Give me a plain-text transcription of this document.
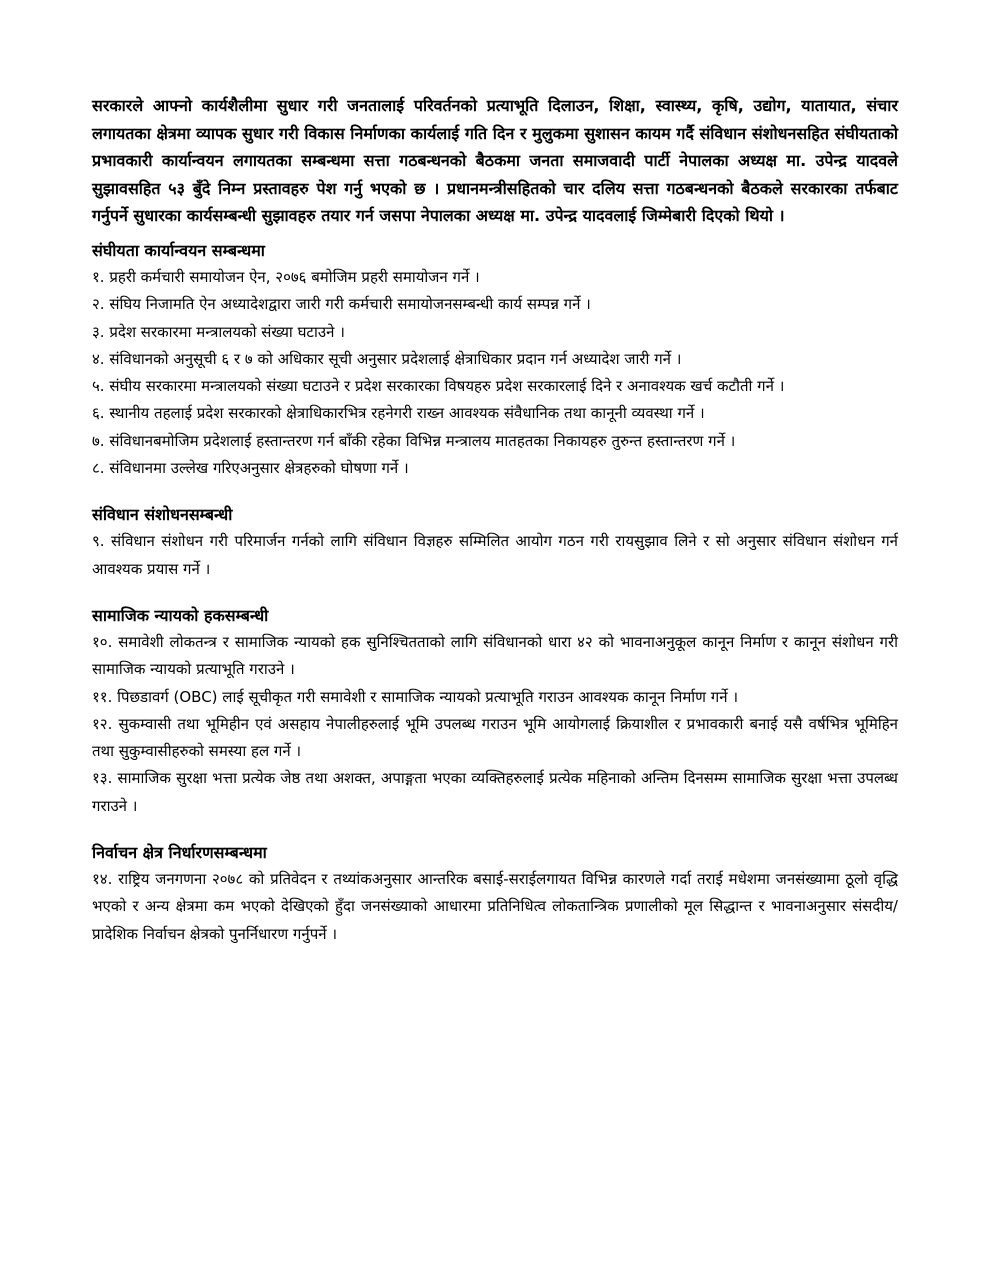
सरकारले आफ्नो कार्यशैलीमा सुधार गरी जनतालाई परिवर्तनको प्रत्याभूति दिलाउन, शिक्षा, स्वास्थ्य, कृषि, उद्योग, यातायात, संचार लगायतका क्षेत्रमा व्यापक सुधार गरी विकास निर्माणका कार्यलाई गति दिन र मुलुकमा सुशासन कायम गर्दै संविधान संशोधनसहित संघीयताको प्रभावकारी कार्यान्वयन लगायतका सम्बन्धमा सत्ता गठबन्धनको बैठकमा जनता समाजवादी पार्टी नेपालका अध्यक्ष मा. उपेन्द्र यादवले सुझावसहित ५३ बुँदे निम्न प्रस्तावहरु पेश गर्नु भएको छ । प्रधानमन्त्रीसहितको चार दलिय सत्ता गठबन्धनको बैठकले सरकारका तर्फबाट गर्नुपर्ने सुधारका कार्यसम्बन्धी सुझावहरु तयार गर्न जसपा नेपालका अध्यक्ष मा. उपेन्द्र यादवलाई जिम्मेबारी दिएको थियो ।

संघीयता कार्यान्वयन सम्बन्धमा

१. प्रहरी कर्मचारी समायोजन ऐन, २०७६ बमोजिम प्रहरी समायोजन गर्ने ।

२. संघिय निजामति ऐन अध्यादेशद्वारा जारी गरी कर्मचारी समायोजनसम्बन्धी कार्य सम्पन्न गर्ने ।

३. प्रदेश सरकारमा मन्त्रालयको संख्या घटाउने ।

४. संविधानको अनुसूची ६ र ७ को अधिकार सूची अनुसार प्रदेशलाई क्षेत्राधिकार प्रदान गर्न अध्यादेश जारी गर्ने ।

५. संघीय सरकारमा मन्त्रालयको संख्या घटाउने र प्रदेश सरकारका विषयहरु प्रदेश सरकारलाई दिने र अनावश्यक खर्च कटौती गर्ने ।

६. स्थानीय तहलाई प्रदेश सरकारको क्षेत्राधिकारभित्र रहनेगरी राख्न आवश्यक संवैधानिक तथा कानूनी व्यवस्था गर्ने ।

७. संविधानबमोजिम प्रदेशलाई हस्तान्तरण गर्न बाँकी रहेका विभिन्न मन्त्रालय मातहतका निकायहरु तुरुन्त हस्तान्तरण गर्ने ।

८. संविधानमा उल्लेख गरिएअनुसार क्षेत्रहरुको घोषणा गर्ने ।

संविधान संशोधनसम्बन्धी

९. संविधान संशोधन गरी परिमार्जन गर्नको लागि संविधान विज्ञहरु सम्मिलित आयोग गठन गरी रायसुझाव लिने र सो अनुसार संविधान संशोधन गर्न आवश्यक प्रयास गर्ने ।

सामाजिक न्यायको हकसम्बन्धी

१०. समावेशी लोकतन्त्र र सामाजिक न्यायको हक सुनिश्चितताको लागि संविधानको धारा ४२ को भावनाअनुकूल कानून निर्माण र कानून संशोधन गरी सामाजिक न्यायको प्रत्याभूति गराउने ।

११. पिछडावर्ग (OBC) लाई सूचीकृत गरी समावेशी र सामाजिक न्यायको प्रत्याभूति गराउन आवश्यक कानून निर्माण गर्ने ।

१२. सुकम्वासी तथा भूमिहीन एवं असहाय नेपालीहरुलाई भूमि उपलब्ध गराउन भूमि आयोगलाई क्रियाशील र प्रभावकारी बनाई यसै वर्षभित्र भूमिहिन तथा सुकुम्वासीहरुको समस्या हल गर्ने ।

१३. सामाजिक सुरक्षा भत्ता प्रत्येक जेष्ठ तथा अशक्त, अपाङ्गता भएका व्यक्तिहरुलाई प्रत्येक महिनाको अन्तिम दिनसम्म सामाजिक सुरक्षा भत्ता उपलब्ध गराउने ।

निर्वाचन क्षेत्र निर्धारणसम्बन्धमा

१४. राष्ट्रिय जनगणना २०७८ को प्रतिवेदन र तथ्यांकअनुसार आन्तरिक बसाई-सराईलगायत विभिन्न कारणले गर्दा तराई मधेशमा जनसंख्यामा ठूलो वृद्धि भएको र अन्य क्षेत्रमा कम भएको देखिएको हुँदा जनसंख्याको आधारमा प्रतिनिधित्व लोकतान्त्रिक प्रणालीको मूल सिद्धान्त र भावनाअनुसार संसदीय/प्रादेशिक निर्वाचन क्षेत्रको पुनर्निधारण गर्नुपर्ने ।
